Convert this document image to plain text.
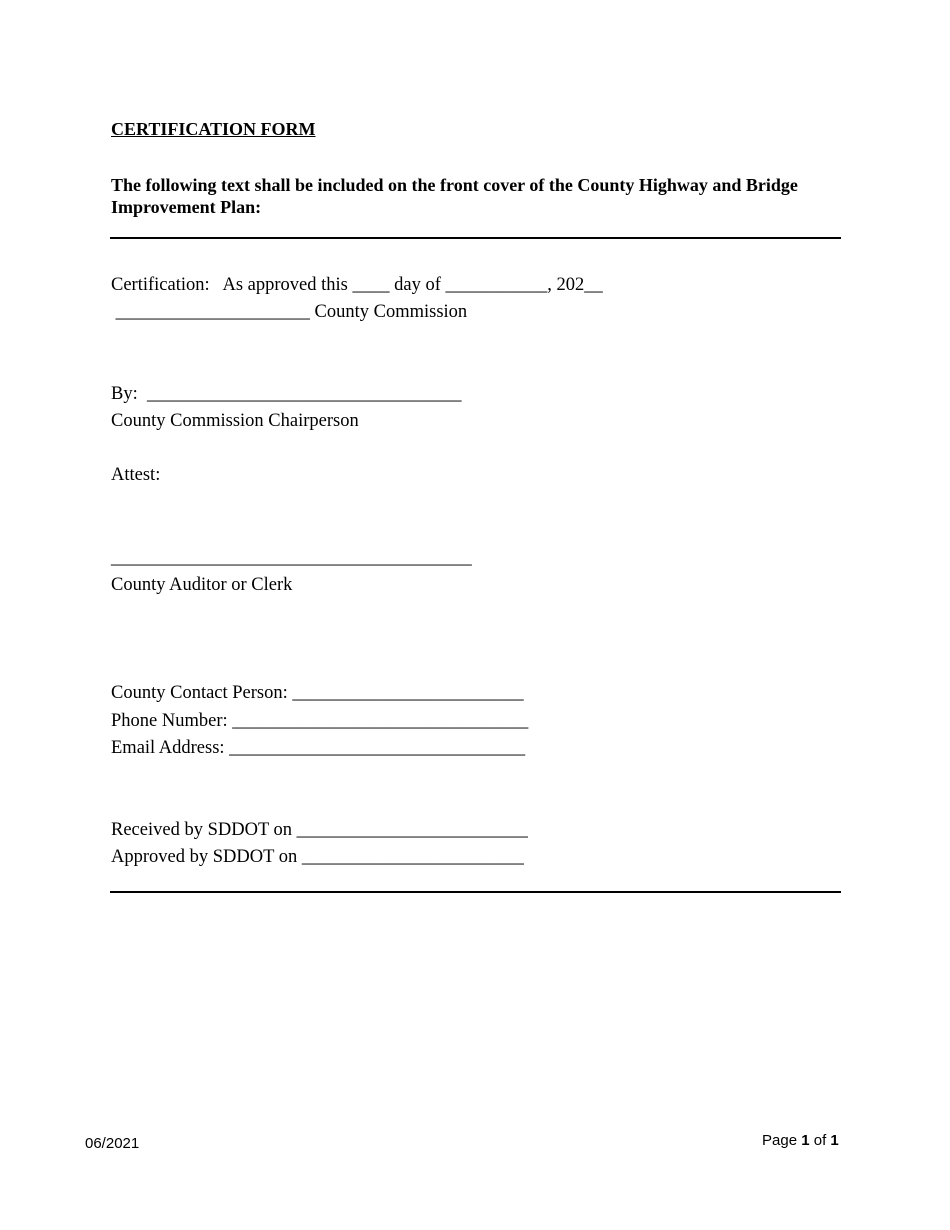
CERTIFICATION FORM
The following text shall be included on the front cover of the County Highway and Bridge Improvement Plan:
Certification:   As approved this ____ day of ___________, 202__
_____________________ County Commission
By:  __________________________________
County Commission Chairperson
Attest:
_______________________________________
County Auditor or Clerk
County Contact Person: _________________________
Phone Number: ________________________________
Email Address: ________________________________
Received by SDDOT on _________________________
Approved by SDDOT on ________________________
06/2021	Page 1 of 1
